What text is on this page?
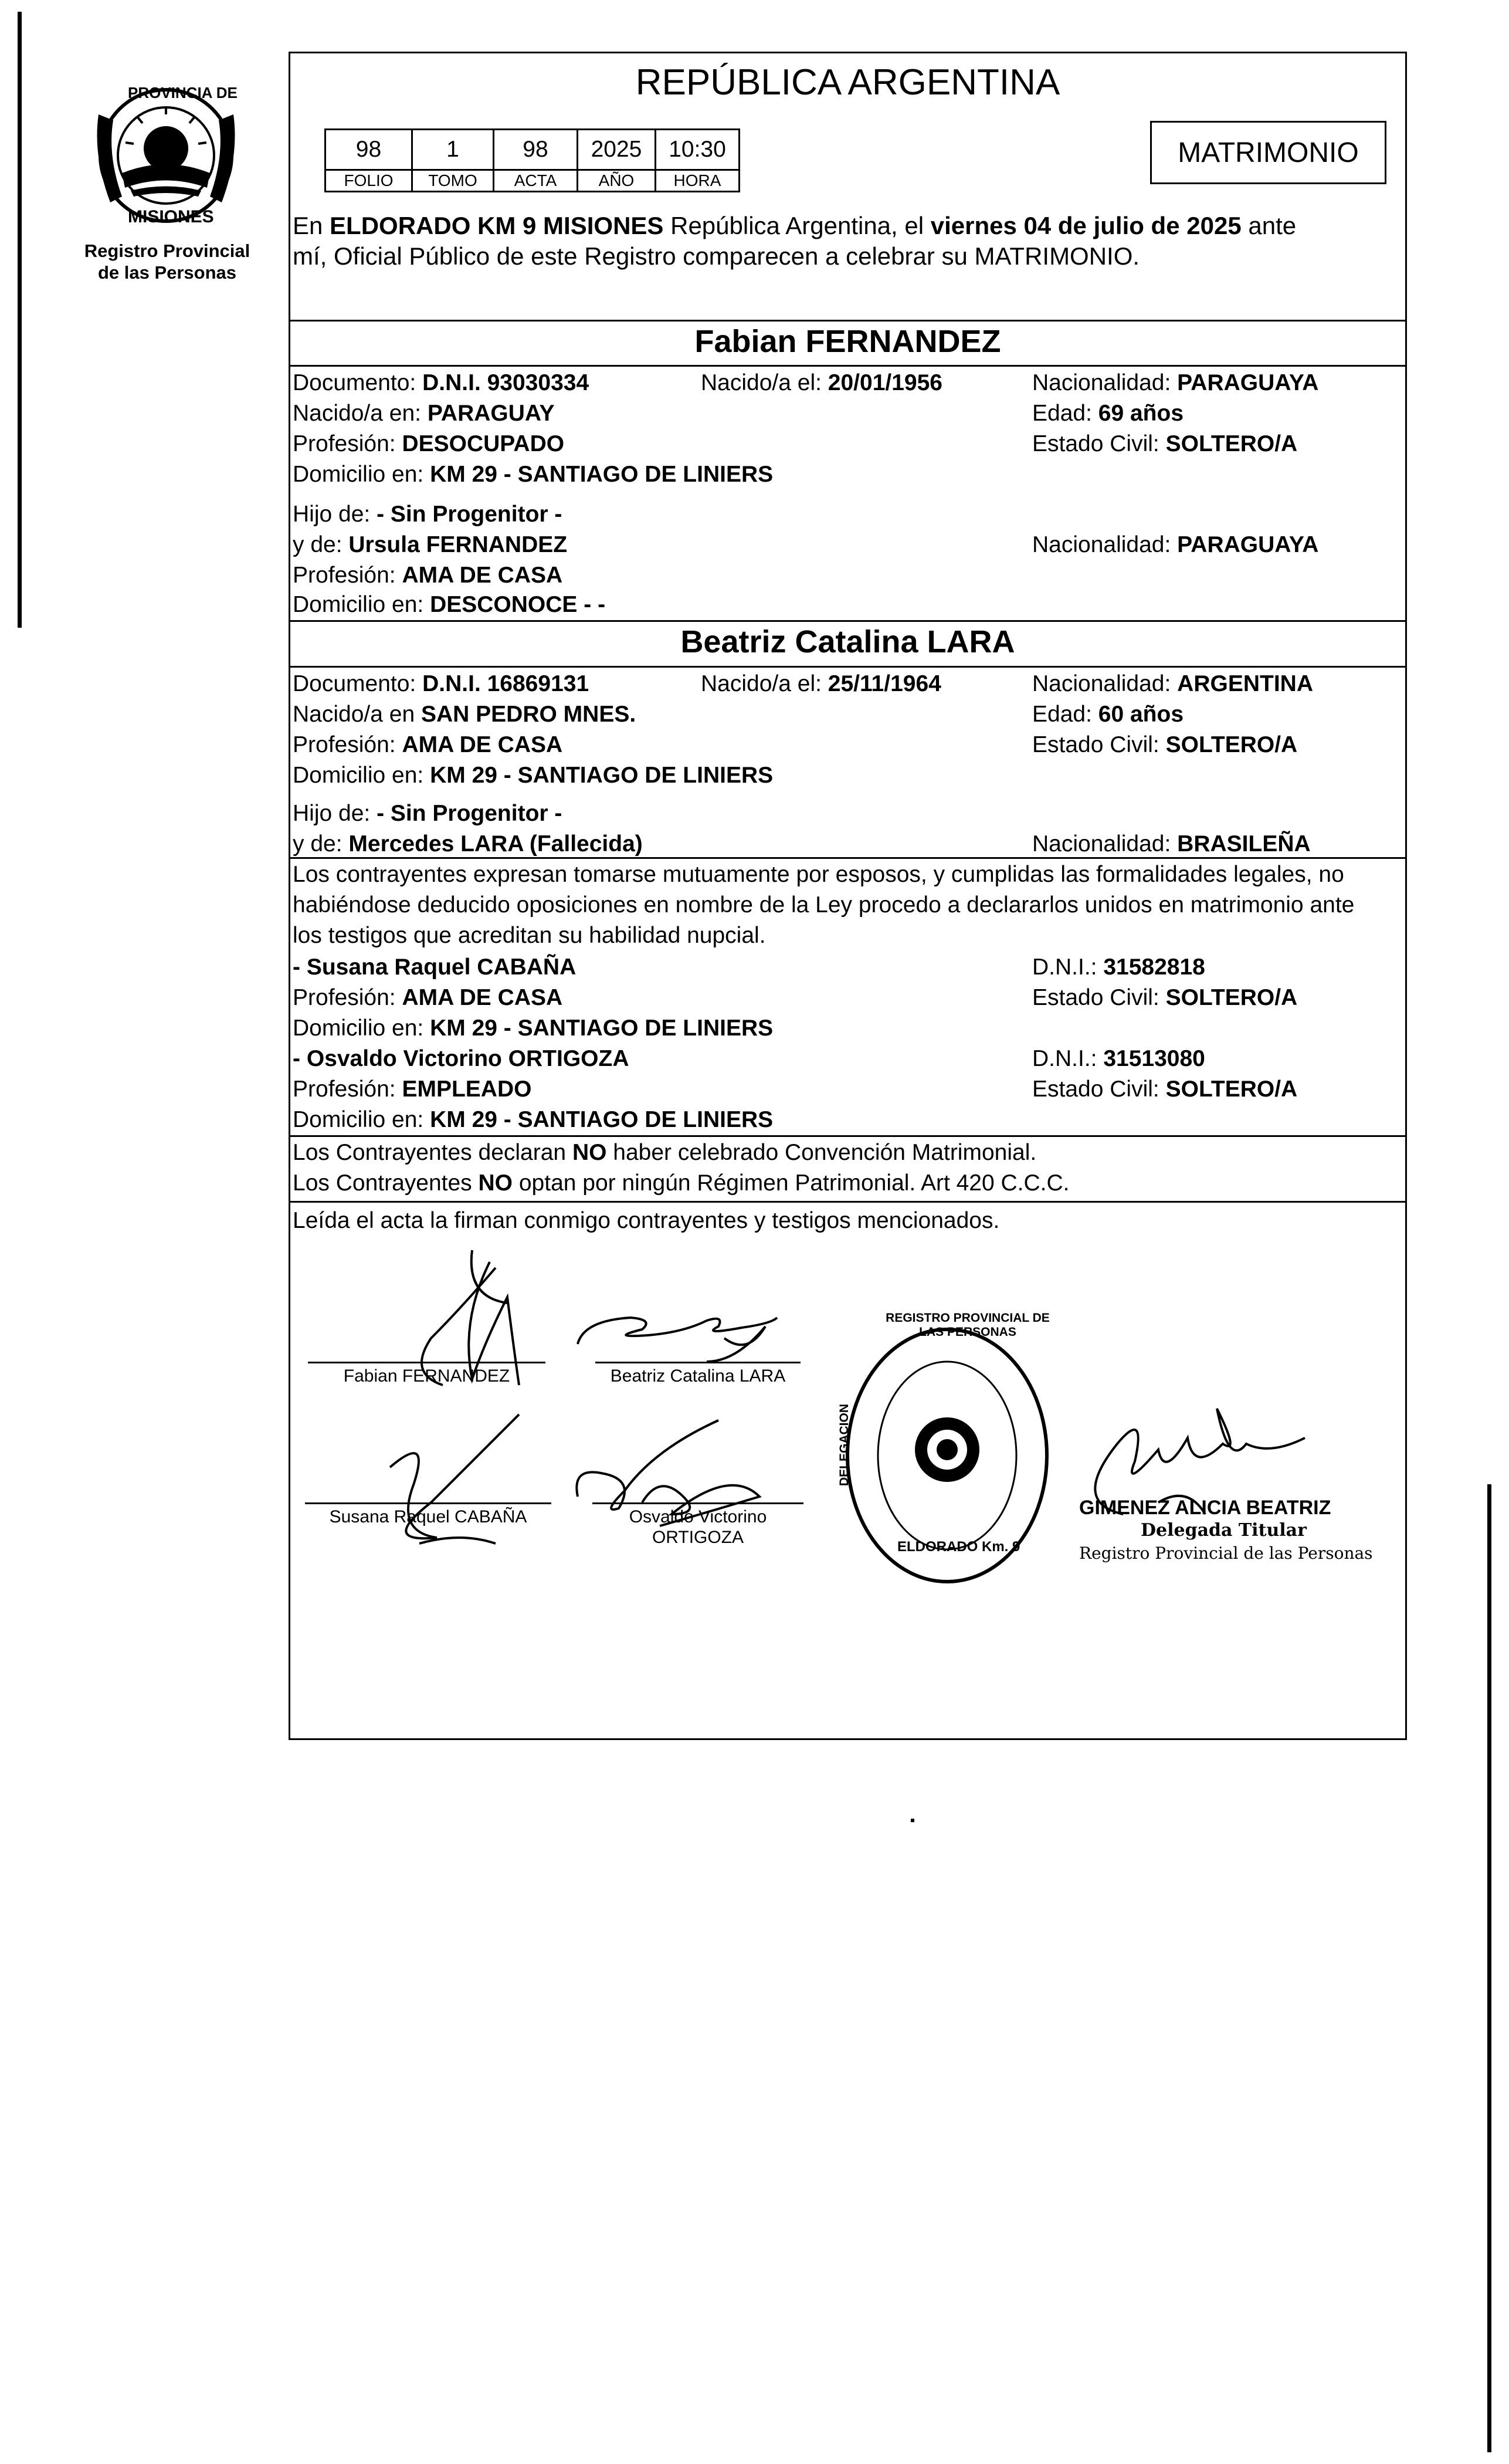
PROVINCIA DE
MISIONES
Registro Provincial
de las Personas
REPÚBLICA ARGENTINA
98	1	98	2025	10:30
FOLIO	TOMO	ACTA	AÑO	HORA
MATRIMONIO
En ELDORADO KM 9 MISIONES República Argentina, el viernes 04 de julio de 2025 ante
mí, Oficial Público de este Registro comparecen a celebrar su MATRIMONIO.
Fabian FERNANDEZ
Documento: D.N.I. 93030334	Nacido/a el: 20/01/1956	Nacionalidad: PARAGUAYA
Nacido/a en: PARAGUAY	Edad: 69 años
Profesión: DESOCUPADO	Estado Civil: SOLTERO/A
Domicilio en: KM 29 - SANTIAGO DE LINIERS
Hijo de: - Sin Progenitor -
y de: Ursula FERNANDEZ	Nacionalidad: PARAGUAYA
Profesión: AMA DE CASA
Domicilio en: DESCONOCE - -
Beatriz Catalina LARA
Documento: D.N.I. 16869131	Nacido/a el: 25/11/1964	Nacionalidad: ARGENTINA
Nacido/a en SAN PEDRO MNES.	Edad: 60 años
Profesión: AMA DE CASA	Estado Civil: SOLTERO/A
Domicilio en: KM 29 - SANTIAGO DE LINIERS
Hijo de: - Sin Progenitor -
y de: Mercedes LARA (Fallecida)	Nacionalidad: BRASILEÑA
Los contrayentes expresan tomarse mutuamente por esposos, y cumplidas las formalidades legales, no
habiéndose deducido oposiciones en nombre de la Ley procedo a declararlos unidos en matrimonio ante
los testigos que acreditan su habilidad nupcial.
- Susana Raquel CABAÑA	D.N.I.: 31582818
Profesión: AMA DE CASA	Estado Civil: SOLTERO/A
Domicilio en: KM 29 - SANTIAGO DE LINIERS
- Osvaldo Victorino ORTIGOZA	D.N.I.: 31513080
Profesión: EMPLEADO	Estado Civil: SOLTERO/A
Domicilio en: KM 29 - SANTIAGO DE LINIERS
Los Contrayentes declaran NO haber celebrado Convención Matrimonial.
Los Contrayentes NO optan por ningún Régimen Patrimonial. Art 420 C.C.C.
Leída el acta la firman conmigo contrayentes y testigos mencionados.
Fabian FERNANDEZ	Beatriz Catalina LARA
Susana Raquel CABAÑA	Osvaldo Victorino
ORTIGOZA
REGISTRO PROVINCIAL DE LAS PERSONAS
DELEGACION
ELDORADO Km. 9
GIMENEZ ALICIA BEATRIZ
Delegada Titular
Registro Provincial de las Personas
